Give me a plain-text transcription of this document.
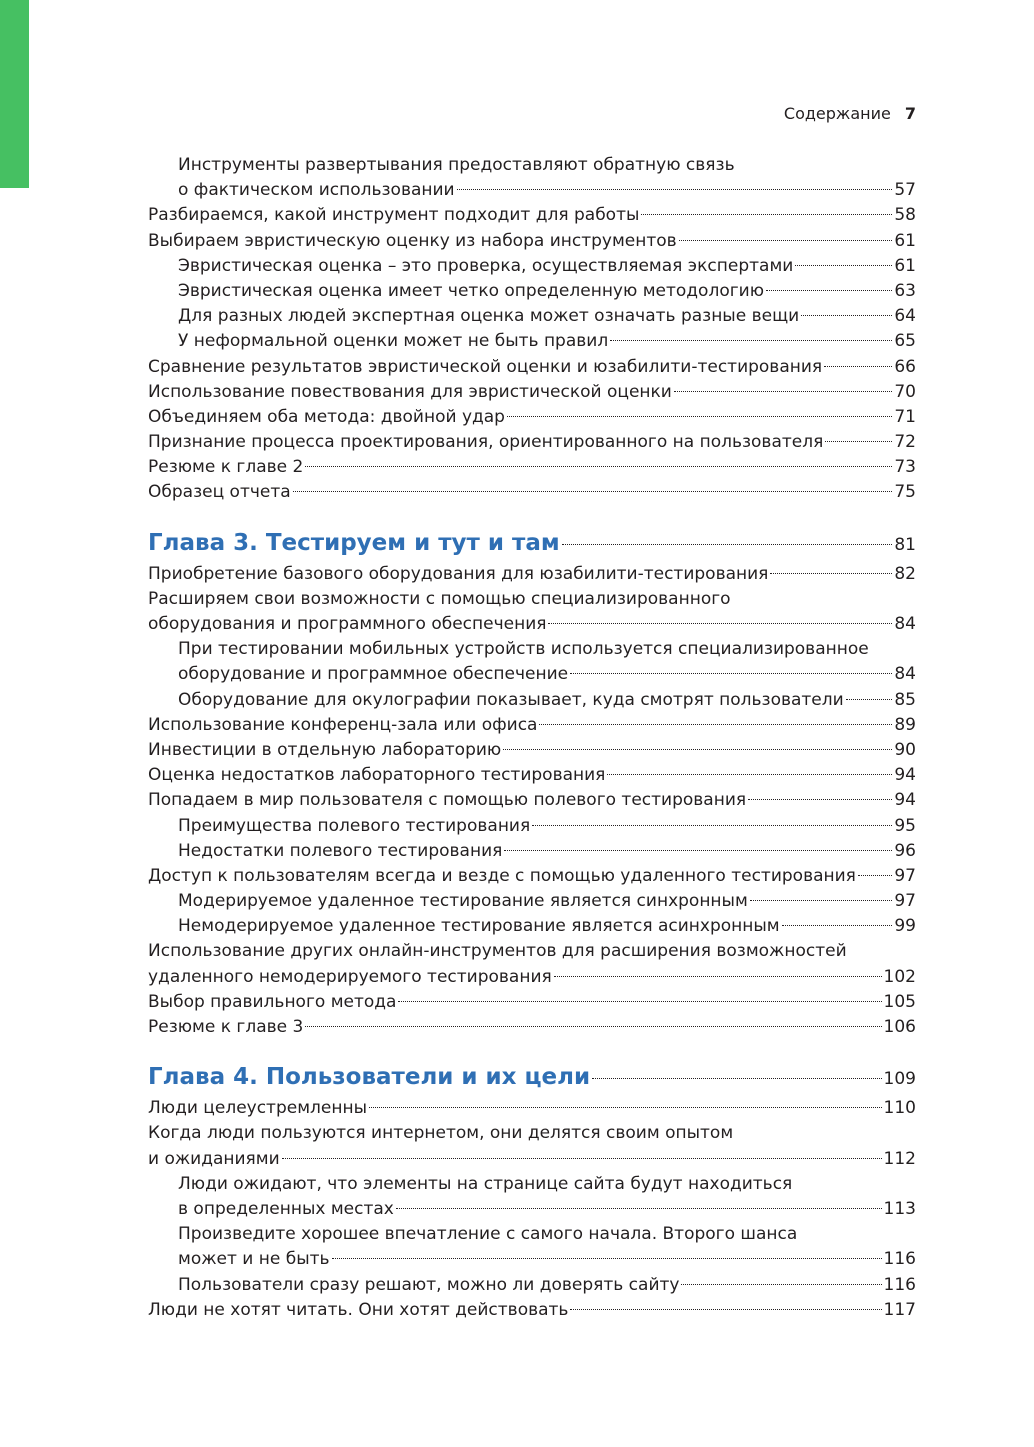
Содержание 7
Инструменты развертывания предоставляют обратную связь
о фактическом использовании	57
Разбираемся, какой инструмент подходит для работы	58
Выбираем эвристическую оценку из набора инструментов	61
Эвристическая оценка – это проверка, осуществляемая экспертами	61
Эвристическая оценка имеет четко определенную методологию	63
Для разных людей экспертная оценка может означать разные вещи	64
У неформальной оценки может не быть правил	65
Сравнение результатов эвристической оценки и юзабилити-тестирования	66
Использование повествования для эвристической оценки	70
Объединяем оба метода: двойной удар	71
Признание процесса проектирования, ориентированного на пользователя	72
Резюме к главе 2	73
Образец отчета	75
Глава 3. Тестируем и тут и там	81
Приобретение базового оборудования для юзабилити-тестирования	82
Расширяем свои возможности с помощью специализированного
оборудования и программного обеспечения	84
При тестировании мобильных устройств используется специализированное
оборудование и программное обеспечение	84
Оборудование для окулографии показывает, куда смотрят пользователи	85
Использование конференц-зала или офиса	89
Инвестиции в отдельную лабораторию	90
Оценка недостатков лабораторного тестирования	94
Попадаем в мир пользователя с помощью полевого тестирования	94
Преимущества полевого тестирования	95
Недостатки полевого тестирования	96
Доступ к пользователям всегда и везде с помощью удаленного тестирования 97
Модерируемое удаленное тестирование является синхронным	97
Немодерируемое удаленное тестирование является асинхронным	99
Использование других онлайн-инструментов для расширения возможностей
удаленного немодерируемого тестирования	102
Выбор правильного метода	105
Резюме к главе 3	106
Глава 4. Пользователи и их цели	109
Люди целеустремленны	110
Когда люди пользуются интернетом, они делятся своим опытом
и ожиданиями	112
Люди ожидают, что элементы на странице сайта будут находиться
в определенных местах	113
Произведите хорошее впечатление с самого начала. Второго шанса
может и не быть	116
Пользователи сразу решают, можно ли доверять сайту	116
Люди не хотят читать. Они хотят действовать	117
